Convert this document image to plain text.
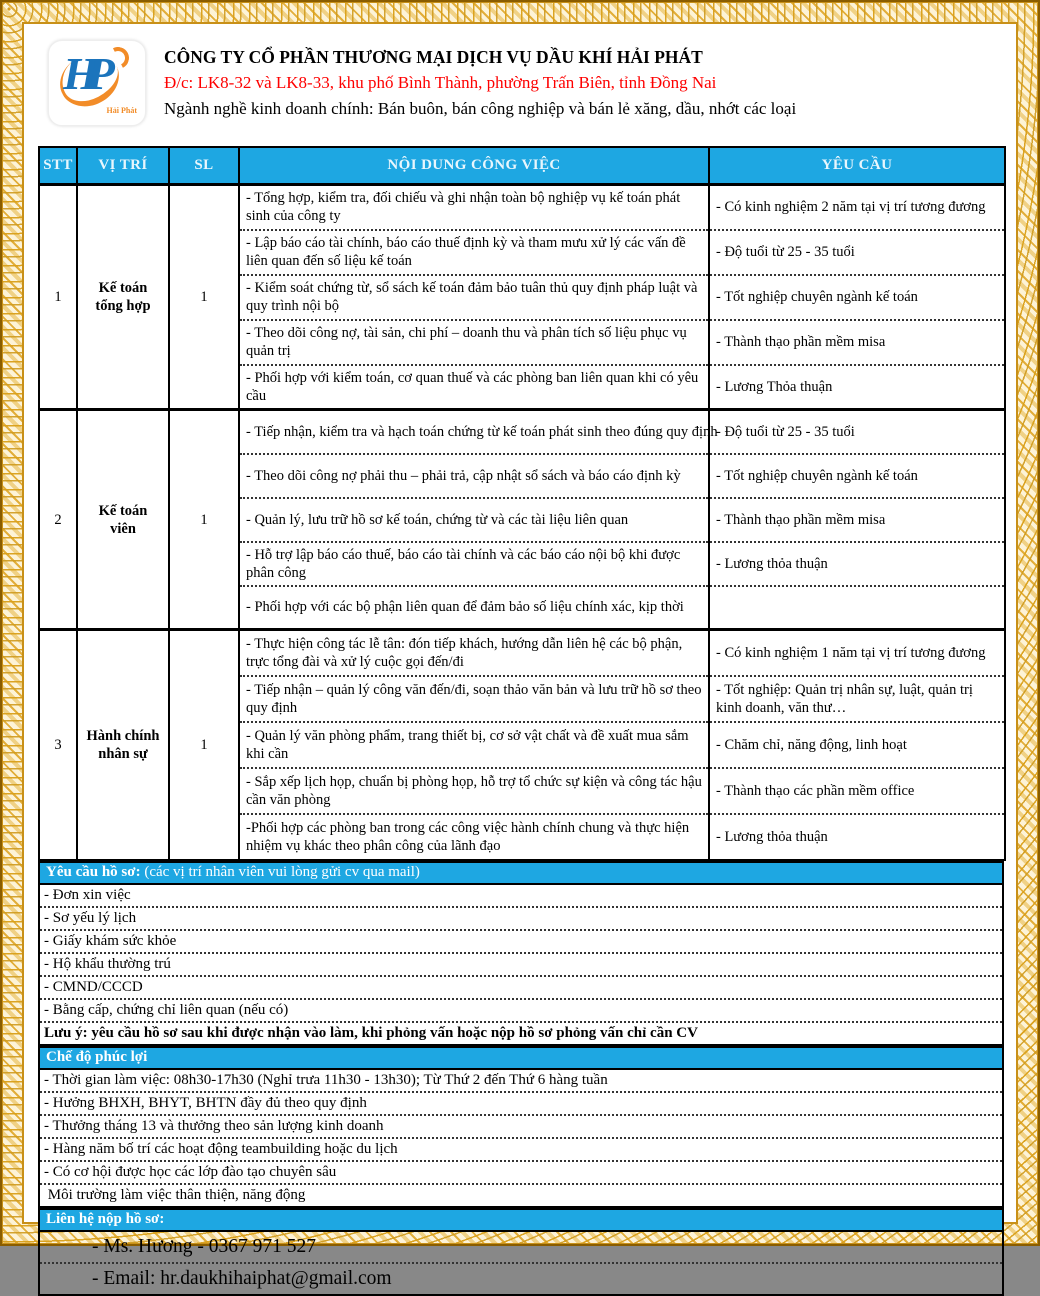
HP
Hải Phát
CÔNG TY CỔ PHẦN THƯƠNG MẠI DỊCH VỤ DẦU KHÍ HẢI PHÁT
Đ/c: LK8-32 và LK8-33, khu phố Bình Thành, phường Trấn Biên, tỉnh Đồng Nai
Ngành nghề kinh doanh chính: Bán buôn, bán công nghiệp và bán lẻ xăng, dầu, nhớt các loại
STT	VỊ TRÍ	SL	NỘI DUNG CÔNG VIỆC	YÊU CẦU
1	Kế toán tổng hợp	1	- Tổng hợp, kiểm tra, đối chiếu và ghi nhận toàn bộ nghiệp vụ kế toán phát sinh của công ty	- Có kinh nghiệm 2 năm tại vị trí tương đương
			- Lập báo cáo tài chính, báo cáo thuế định kỳ và tham mưu xử lý các vấn đề liên quan đến số liệu kế toán	- Độ tuổi từ 25 - 35 tuổi
			- Kiểm soát chứng từ, sổ sách kế toán đảm bảo tuân thủ quy định pháp luật và quy trình nội bộ	- Tốt nghiệp chuyên ngành kế toán
			- Theo dõi công nợ, tài sản, chi phí – doanh thu và phân tích số liệu phục vụ quản trị	- Thành thạo phần mềm misa
			- Phối hợp với kiểm toán, cơ quan thuế và các phòng ban liên quan khi có yêu cầu	- Lương Thỏa thuận
2	Kế toán viên	1	- Tiếp nhận, kiểm tra và hạch toán chứng từ kế toán phát sinh theo đúng quy định	- Độ tuổi từ 25 - 35 tuổi
			- Theo dõi công nợ phải thu – phải trả, cập nhật sổ sách và báo cáo định kỳ	- Tốt nghiệp chuyên ngành kế toán
			- Quản lý, lưu trữ hồ sơ kế toán, chứng từ và các tài liệu liên quan	- Thành thạo phần mềm misa
			- Hỗ trợ lập báo cáo thuế, báo cáo tài chính và các báo cáo nội bộ khi được phân công	- Lương thỏa thuận
			- Phối hợp với các bộ phận liên quan để đảm bảo số liệu chính xác, kịp thời	
3	Hành chính nhân sự	1	- Thực hiện công tác lễ tân: đón tiếp khách, hướng dẫn liên hệ các bộ phận, trực tổng đài và xử lý cuộc gọi đến/đi	- Có kinh nghiệm 1 năm tại vị trí tương đương
			- Tiếp nhận – quản lý công văn đến/đi, soạn thảo văn bản và lưu trữ hồ sơ theo quy định	- Tốt nghiệp: Quản trị nhân sự, luật, quản trị kinh doanh, văn thư…
			- Quản lý văn phòng phẩm, trang thiết bị, cơ sở vật chất và đề xuất mua sắm khi cần	- Chăm chỉ, năng động, linh hoạt
			- Sắp xếp lịch họp, chuẩn bị phòng họp, hỗ trợ tổ chức sự kiện và công tác hậu cần văn phòng	- Thành thạo các phần mềm office
			-Phối hợp các phòng ban trong các công việc hành chính chung và thực hiện nhiệm vụ khác theo phân công của lãnh đạo	- Lương thỏa thuận
Yêu cầu hồ sơ: (các vị trí nhân viên vui lòng gửi cv qua mail)
- Đơn xin việc
- Sơ yếu lý lịch
- Giấy khám sức khỏe
- Hộ khẩu thường trú
- CMND/CCCD
- Bằng cấp, chứng chỉ liên quan (nếu có)
Lưu ý: yêu cầu hồ sơ sau khi được nhận vào làm, khi phỏng vấn hoặc nộp hồ sơ phỏng vấn chỉ cần CV
Chế độ phúc lợi
- Thời gian làm việc: 08h30-17h30 (Nghỉ trưa 11h30 - 13h30); Từ Thứ 2 đến Thứ 6 hàng tuần
- Hưởng BHXH, BHYT, BHTN đầy đủ theo quy định
- Thưởng tháng 13 và thưởng theo sản lượng kinh doanh
- Hàng năm bố trí các hoạt động teambuilding hoặc du lịch
- Có cơ hội được học các lớp đào tạo chuyên sâu
Môi trường làm việc thân thiện, năng động
Liên hệ nộp hồ sơ:
- Ms. Hương - 0367 971 527
- Email: hr.daukhihaiphat@gmail.com
